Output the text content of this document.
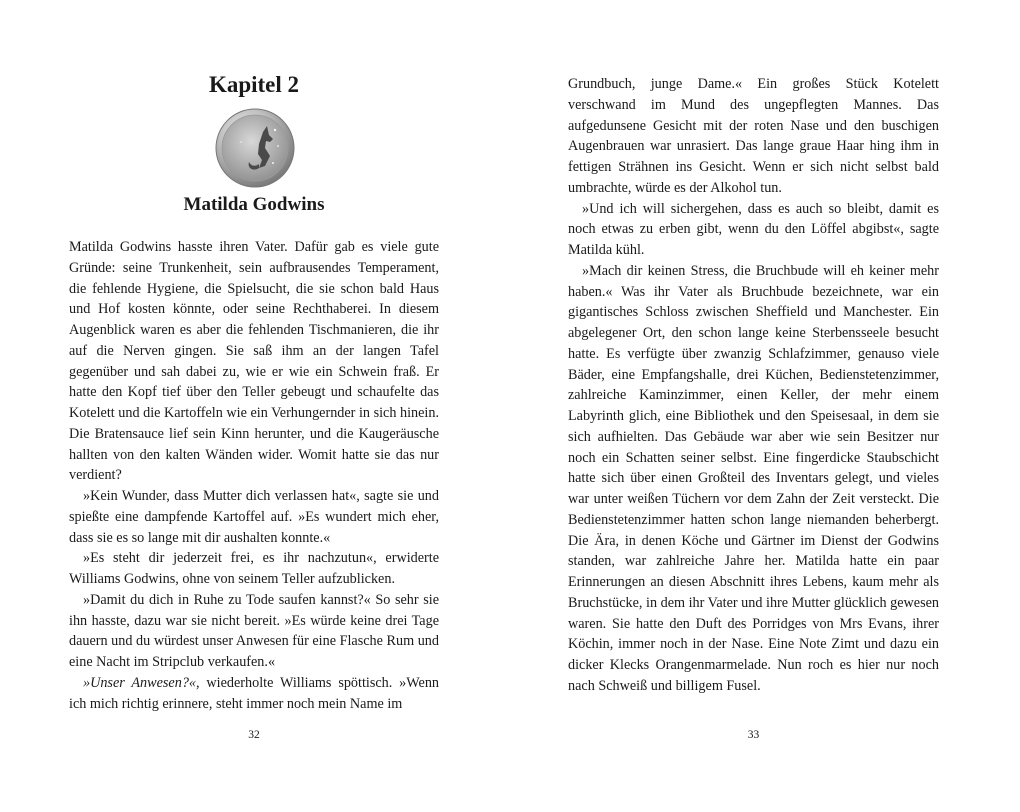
Kapitel 2
Matilda Godwins

Matilda Godwins hasste ihren Vater. Dafür gab es viele gute Gründe: seine Trunkenheit, sein aufbrausendes Temperament, die fehlende Hygiene, die Spielsucht, die sie schon bald Haus und Hof kosten könnte, oder seine Rechthaberei. In diesem Augenblick waren es aber die fehlenden Tischmanieren, die ihr auf die Nerven gingen. Sie saß ihm an der langen Tafel gegenüber und sah dabei zu, wie er wie ein Schwein fraß. Er hatte den Kopf tief über den Teller gebeugt und schaufelte das Kotelett und die Kartoffeln wie ein Verhungernder in sich hinein. Die Bratensauce lief sein Kinn herunter, und die Kaugeräusche hallten von den kalten Wänden wider. Womit hatte sie das nur verdient?

»Kein Wunder, dass Mutter dich verlassen hat«, sagte sie und spießte eine dampfende Kartoffel auf. »Es wundert mich eher, dass sie es so lange mit dir aushalten konnte.«

»Es steht dir jederzeit frei, es ihr nachzutun«, erwiderte Williams Godwins, ohne von seinem Teller aufzublicken.

»Damit du dich in Ruhe zu Tode saufen kannst?« So sehr sie ihn hasste, dazu war sie nicht bereit. »Es würde keine drei Tage dauern und du würdest unser Anwesen für eine Flasche Rum und eine Nacht im Stripclub verkaufen.«

»Unser Anwesen?«, wiederholte Williams spöttisch. »Wenn ich mich richtig erinnere, steht immer noch mein Name im

32

Grundbuch, junge Dame.« Ein großes Stück Kotelett verschwand im Mund des ungepflegten Mannes. Das aufgedunsene Gesicht mit der roten Nase und den buschigen Augenbrauen war unrasiert. Das lange graue Haar hing ihm in fettigen Strähnen ins Gesicht. Wenn er sich nicht selbst bald umbrachte, würde es der Alkohol tun.

»Und ich will sichergehen, dass es auch so bleibt, damit es noch etwas zu erben gibt, wenn du den Löffel abgibst«, sagte Matilda kühl.

»Mach dir keinen Stress, die Bruchbude will eh keiner mehr haben.« Was ihr Vater als Bruchbude bezeichnete, war ein gigantisches Schloss zwischen Sheffield und Manchester. Ein abgelegener Ort, den schon lange keine Sterbensseele besucht hatte. Es verfügte über zwanzig Schlafzimmer, genauso viele Bäder, eine Empfangshalle, drei Küchen, Bedienstetenzimmer, zahlreiche Kaminzimmer, einen Keller, der mehr einem Labyrinth glich, eine Bibliothek und den Speisesaal, in dem sie sich aufhielten. Das Gebäude war aber wie sein Besitzer nur noch ein Schatten seiner selbst. Eine fingerdicke Staubschicht hatte sich über einen Großteil des Inventars gelegt, und vieles war unter weißen Tüchern vor dem Zahn der Zeit versteckt. Die Bedienstetenzimmer hatten schon lange niemanden beherbergt. Die Ära, in denen Köche und Gärtner im Dienst der Godwins standen, war zahlreiche Jahre her. Matilda hatte ein paar Erinnerungen an diesen Abschnitt ihres Lebens, kaum mehr als Bruchstücke, in dem ihr Vater und ihre Mutter glücklich gewesen waren. Sie hatte den Duft des Porridges von Mrs Evans, ihrer Köchin, immer noch in der Nase. Eine Note Zimt und dazu ein dicker Klecks Orangenmarmelade. Nun roch es hier nur noch nach Schweiß und billigem Fusel.

33
